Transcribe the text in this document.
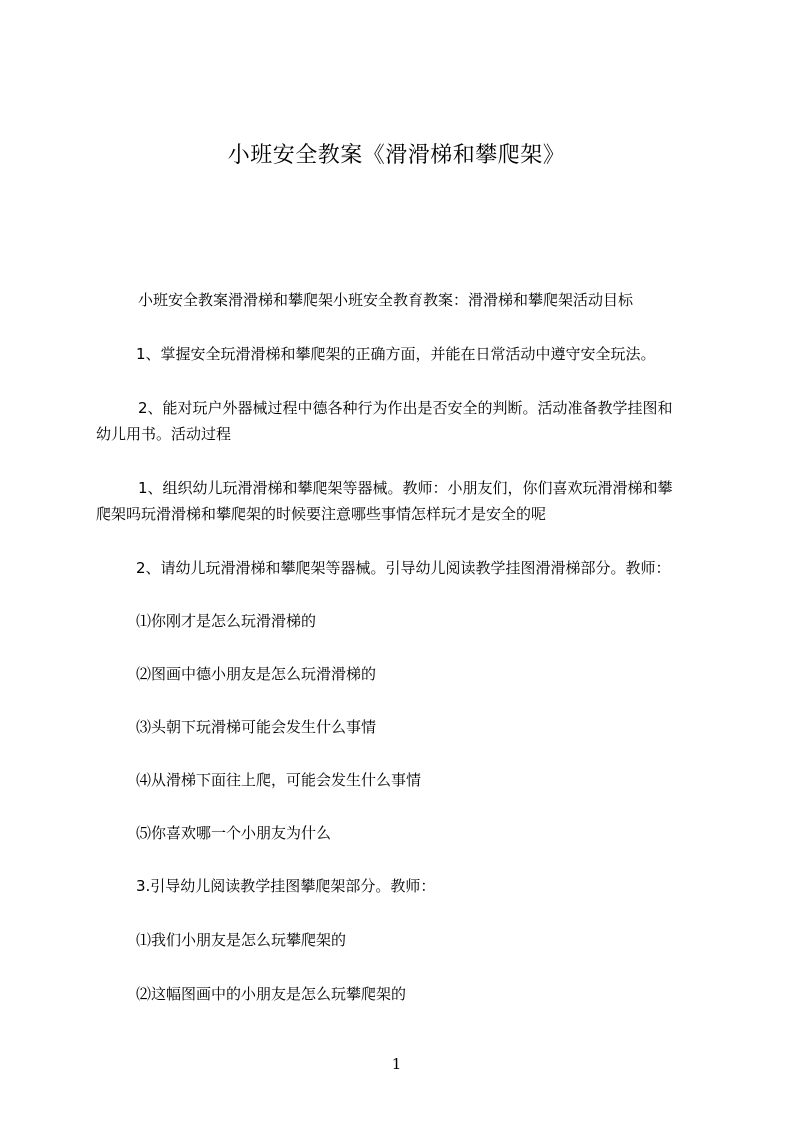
小班安全教案《滑滑梯和攀爬架》

小班安全教案滑滑梯和攀爬架小班安全教育教案：滑滑梯和攀爬架活动目标

1、掌握安全玩滑滑梯和攀爬架的正确方面，并能在日常活动中遵守安全玩法。

2、能对玩户外器械过程中德各种行为作出是否安全的判断。活动准备教学挂图和

幼儿用书。活动过程

1、组织幼儿玩滑滑梯和攀爬架等器械。教师：小朋友们，你们喜欢玩滑滑梯和攀

爬架吗玩滑滑梯和攀爬架的时候要注意哪些事情怎样玩才是安全的呢

2、请幼儿玩滑滑梯和攀爬架等器械。引导幼儿阅读教学挂图滑滑梯部分。教师：

⑴你刚才是怎么玩滑滑梯的

⑵图画中德小朋友是怎么玩滑滑梯的

⑶头朝下玩滑梯可能会发生什么事情

⑷从滑梯下面往上爬，可能会发生什么事情

⑸你喜欢哪一个小朋友为什么

3.引导幼儿阅读教学挂图攀爬架部分。教师：

⑴我们小朋友是怎么玩攀爬架的

⑵这幅图画中的小朋友是怎么玩攀爬架的

1
